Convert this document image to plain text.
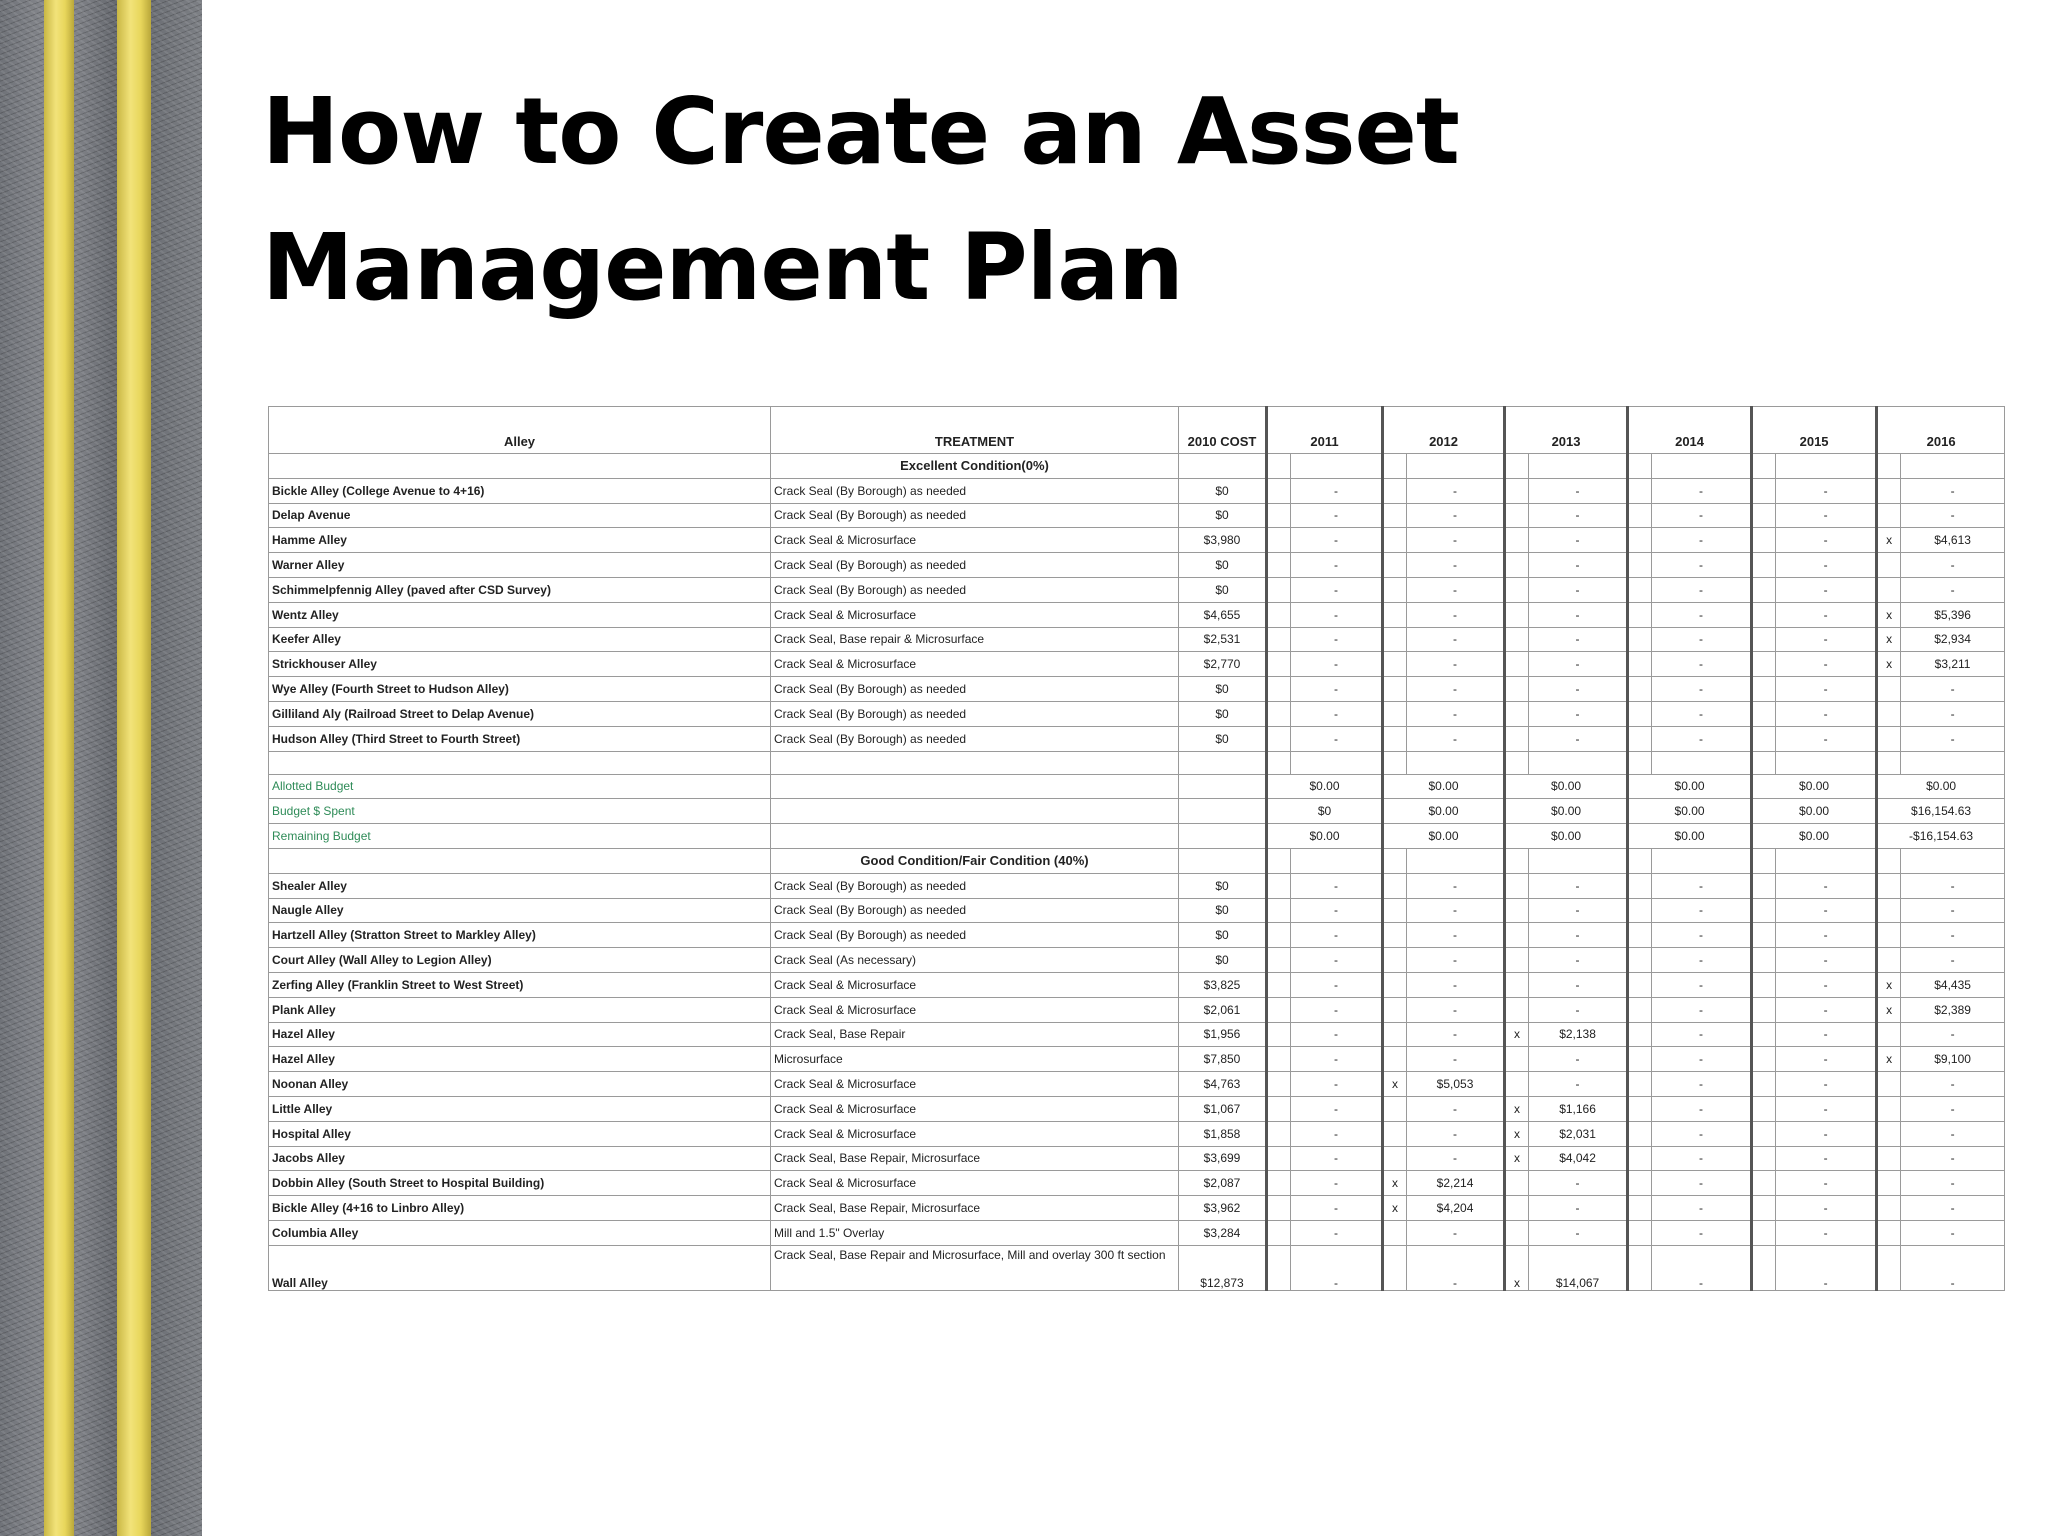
How to Create an Asset
Management Plan
Alley	TREATMENT	2010 COST	2011		2012		2013		2014		2015		2016	
	Excellent Condition(0%)													
Bickle Alley (College Avenue to 4+16)	Crack Seal (By Borough) as needed	$0		-		-		-		-		-		-
Delap Avenue	Crack Seal (By Borough) as needed	$0		-		-		-		-		-		-
Hamme Alley	Crack Seal & Microsurface	$3,980		-		-		-		-		-	x	$4,613
Warner Alley	Crack Seal (By Borough) as needed	$0		-		-		-		-		-		-
Schimmelpfennig Alley (paved after CSD Survey)	Crack Seal (By Borough) as needed	$0		-		-		-		-		-		-
Wentz Alley	Crack Seal & Microsurface	$4,655		-		-		-		-		-	x	$5,396
Keefer Alley	Crack Seal, Base repair & Microsurface	$2,531		-		-		-		-		-	x	$2,934
Strickhouser Alley	Crack Seal & Microsurface	$2,770		-		-		-		-		-	x	$3,211
Wye Alley (Fourth Street to Hudson Alley)	Crack Seal (By Borough) as needed	$0		-		-		-		-		-		-
Gilliland Aly (Railroad Street to Delap Avenue)	Crack Seal (By Borough) as needed	$0		-		-		-		-		-		-
Hudson Alley (Third Street to Fourth Street)	Crack Seal (By Borough) as needed	$0		-		-		-		-		-		-

Allotted Budget			$0.00		$0.00		$0.00		$0.00		$0.00		$0.00	
Budget $ Spent			$0		$0.00		$0.00		$0.00		$0.00		$16,154.63	
Remaining Budget			$0.00		$0.00		$0.00		$0.00		$0.00		-$16,154.63	
	Good Condition/Fair Condition (40%)													
Shealer Alley	Crack Seal (By Borough) as needed	$0		-		-		-		-		-		-
Naugle Alley	Crack Seal (By Borough) as needed	$0		-		-		-		-		-		-
Hartzell Alley (Stratton Street to Markley Alley)	Crack Seal (By Borough) as needed	$0		-		-		-		-		-		-
Court Alley (Wall Alley to Legion Alley)	Crack Seal (As necessary)	$0		-		-		-		-		-		-
Zerfing Alley (Franklin Street to West Street)	Crack Seal & Microsurface	$3,825		-		-		-		-		-	x	$4,435
Plank Alley	Crack Seal & Microsurface	$2,061		-		-		-		-		-	x	$2,389
Hazel Alley	Crack Seal, Base Repair	$1,956		-		-	x	$2,138		-		-		-
Hazel Alley	Microsurface	$7,850		-		-		-		-		-	x	$9,100
Noonan Alley	Crack Seal & Microsurface	$4,763		-	x	$5,053		-		-		-		-
Little Alley	Crack Seal & Microsurface	$1,067		-		-	x	$1,166		-		-		-
Hospital Alley	Crack Seal & Microsurface	$1,858		-		-	x	$2,031		-		-		-
Jacobs Alley	Crack Seal, Base Repair, Microsurface	$3,699		-		-	x	$4,042		-		-		-
Dobbin Alley (South Street to Hospital Building)	Crack Seal & Microsurface	$2,087		-	x	$2,214		-		-		-		-
Bickle Alley (4+16 to Linbro Alley)	Crack Seal, Base Repair, Microsurface	$3,962		-	x	$4,204		-		-		-		-
Columbia Alley	Mill and 1.5" Overlay	$3,284		-		-		-		-		-		-
Wall Alley	Crack Seal, Base Repair and Microsurface, Mill and overlay 300 ft section	$12,873		-		-	x	$14,067		-		-		-
